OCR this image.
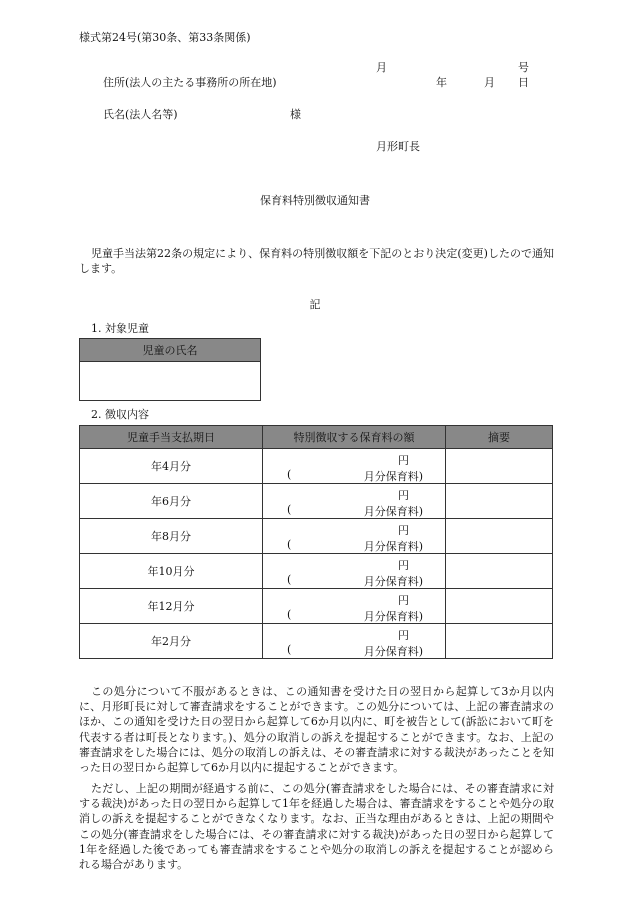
様式第24号(第30条、第33条関係)
月	号
住所(法人の主たる事務所の所在地)	年	月 日
氏名(法人名等)	様
月形町長
保育料特別徴収通知書
児童手当法第22条の規定により、保育料の特別徴収額を下記のとおり決定(変更)したので通知します。
記
1. 対象児童
児童の氏名

2. 徴収内容
児童手当支払期日	特別徴収する保育料の額	摘要
年4月分	円
( 月分保育料)	

年6月分	円
( 月分保育料)	

年8月分	円
( 月分保育料)	

年10月分	円
( 月分保育料)	

年12月分	円
( 月分保育料)	

年2月分	円
( 月分保育料)	

この処分について不服があるときは、この通知書を受けた日の翌日から起算して3か月以内に、月形町長に対して審査請求をすることができます。この処分については、上記の審査請求のほか、この通知を受けた日の翌日から起算して6か月以内に、町を被告として(訴訟において町を代表する者は町長となります。)、処分の取消しの訴えを提起することができます。なお、上記の審査請求をした場合には、処分の取消しの訴えは、その審査請求に対する裁決があったことを知った日の翌日から起算して6か月以内に提起することができます。
ただし、上記の期間が経過する前に、この処分(審査請求をした場合には、その審査請求に対する裁決)があった日の翌日から起算して1年を経過した場合は、審査請求をすることや処分の取消しの訴えを提起することができなくなります。なお、正当な理由があるときは、上記の期間やこの処分(審査請求をした場合には、その審査請求に対する裁決)があった日の翌日から起算して1年を経過した後であっても審査請求をすることや処分の取消しの訴えを提起することが認められる場合があります。
